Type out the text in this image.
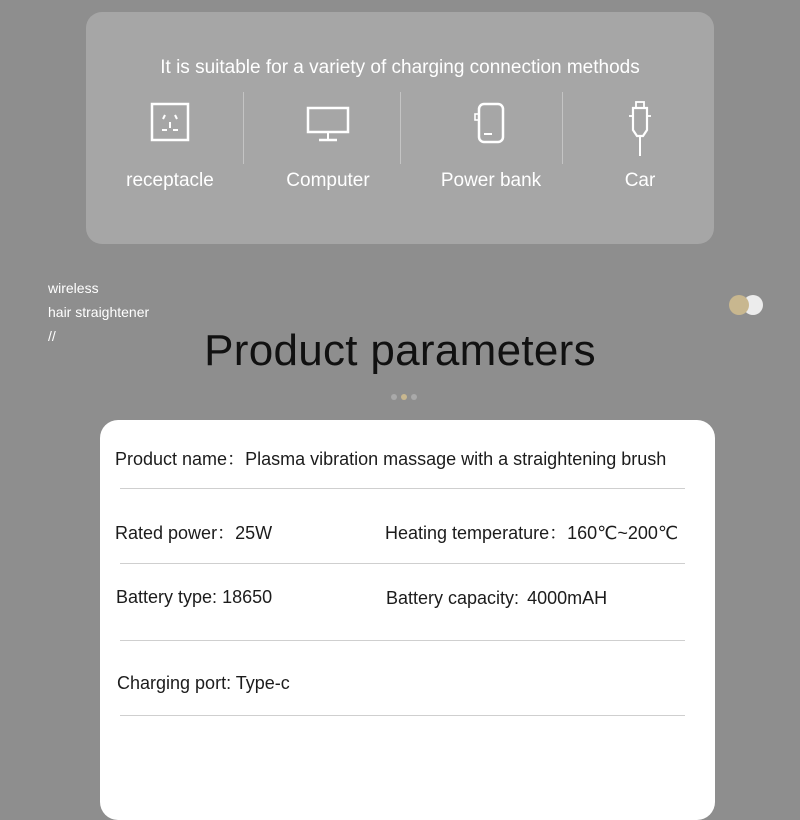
It is suitable for a variety of charging connection methods
receptacle	Computer	Power bank	Car
wireless
hair straightener
//	Product parameters
Product name：Plasma vibration massage with a straightening brush
Rated power：25W	Heating temperature：160℃~200℃
Battery type: 18650	Battery capacity: 4000mAH
Charging port: Type-c
